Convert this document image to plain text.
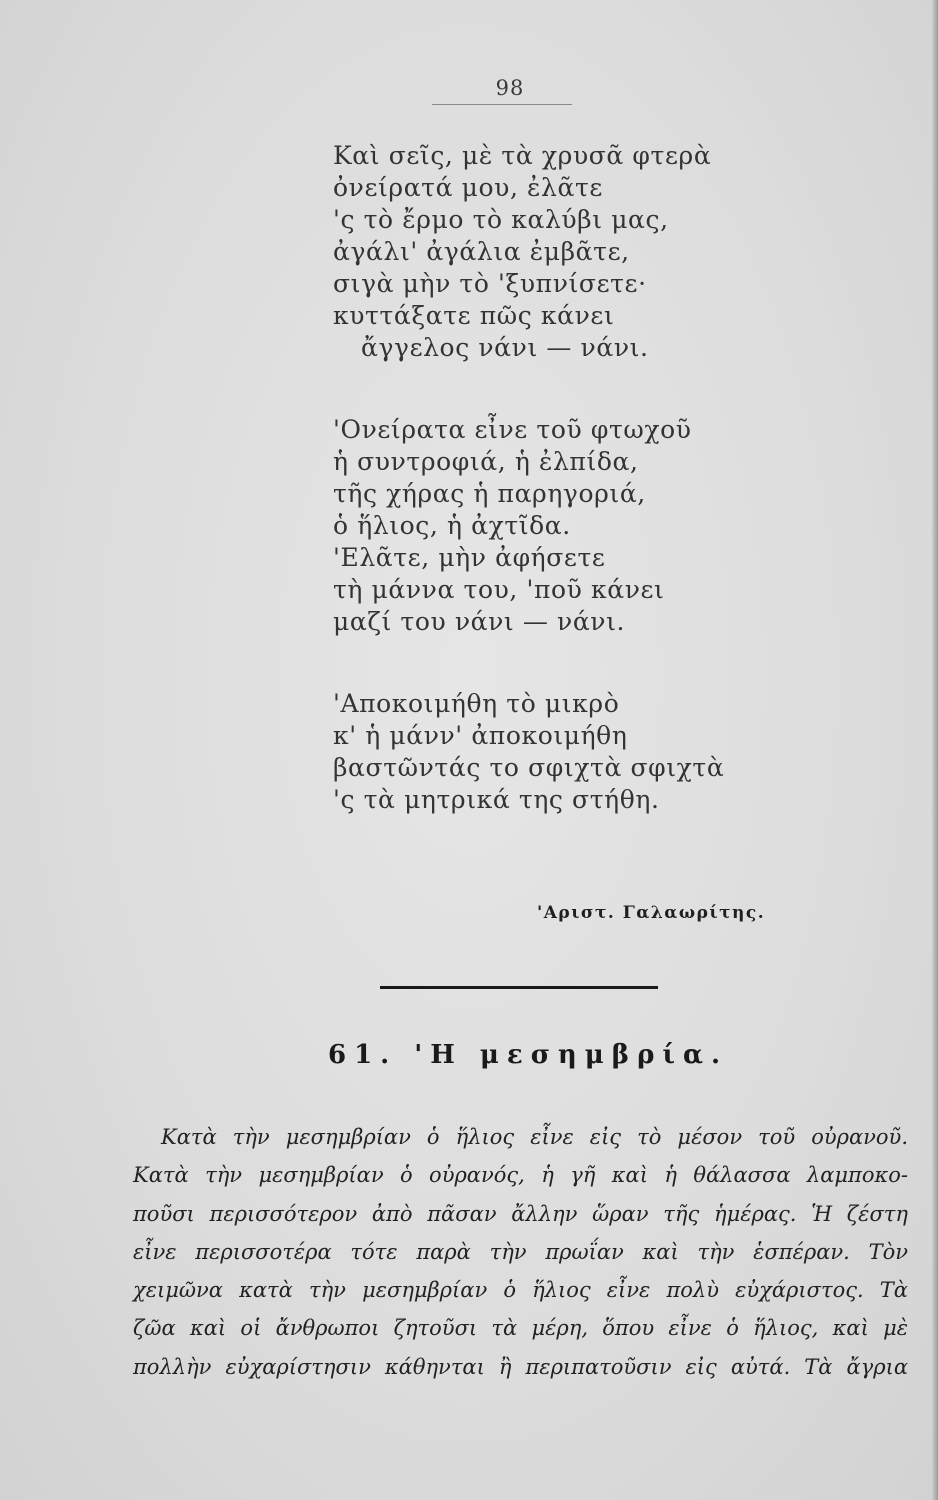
98
Καὶ σεῖς, μὲ τὰ χρυσᾶ φτερὰ
ὀνείρατά μου, ἐλᾶτε
'ς τὸ ἔρμο τὸ καλύβι μας,
ἀγάλι' ἀγάλια ἐμβᾶτε,
σιγὰ μὴν τὸ 'ξυπνίσετε·
κυττάξατε πῶς κάνει
ἄγγελος νάνι — νάνι.
'Ονείρατα εἶνε τοῦ φτωχοῦ
ἡ συντροφιά, ἡ ἐλπίδα,
τῆς χήρας ἡ παρηγοριά,
ὁ ἥλιος, ἡ ἀχτῖδα.
'Ελᾶτε, μὴν ἀφήσετε
τὴ μάννα του, 'ποῦ κάνει
μαζί του νάνι — νάνι.
'Αποκοιμήθη τὸ μικρὸ
κ' ἡ μάνν' ἀποκοιμήθη
βαστῶντάς το σφιχτὰ σφιχτὰ
'ς τὰ μητρικά της στήθη.
'Αριστ. Γαλαωρίτης.
61. 'Η μεσημβρία.
Κατὰ τὴν μεσημβρίαν ὁ ἥλιος εἶνε εἰς τὸ μέσον τοῦ οὐρανοῦ.
Κατὰ τὴν μεσημβρίαν ὁ οὐρανός, ἡ γῆ καὶ ἡ θάλασσα λαμποκο-
ποῦσι περισσότερον ἀπὸ πᾶσαν ἄλλην ὥραν τῆς ἡμέρας. Ἡ ζέστη
εἶνε περισσοτέρα τότε παρὰ τὴν πρωΐαν καὶ τὴν ἑσπέραν. Τὸν
χειμῶνα κατὰ τὴν μεσημβρίαν ὁ ἥλιος εἶνε πολὺ εὐχάριστος. Τὰ
ζῶα καὶ οἱ ἄνθρωποι ζητοῦσι τὰ μέρη, ὅπου εἶνε ὁ ἥλιος, καὶ μὲ
πολλὴν εὐχαρίστησιν κάθηνται ἢ περιπατοῦσιν εἰς αὐτά. Τὰ ἄγρια
